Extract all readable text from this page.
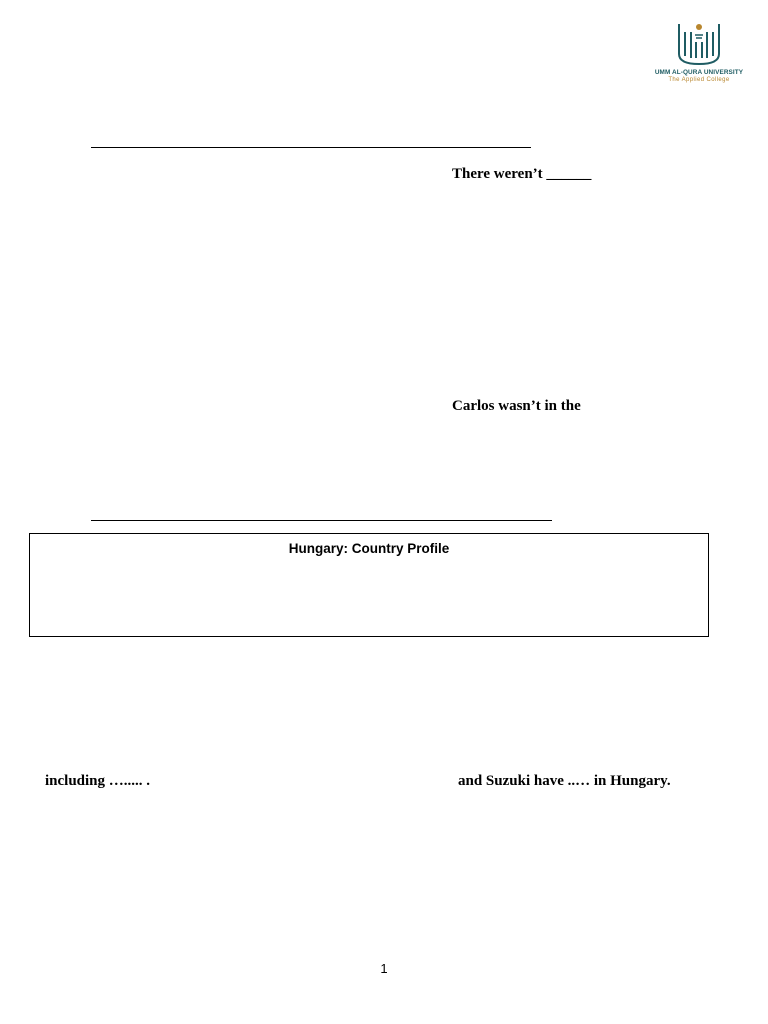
UMM AL-QURA UNIVERSITY
The Applied College
There weren’t ______
Carlos wasn’t in the
Hungary: Country Profile
including …..... .	and Suzuki have ..… in Hungary.
1
